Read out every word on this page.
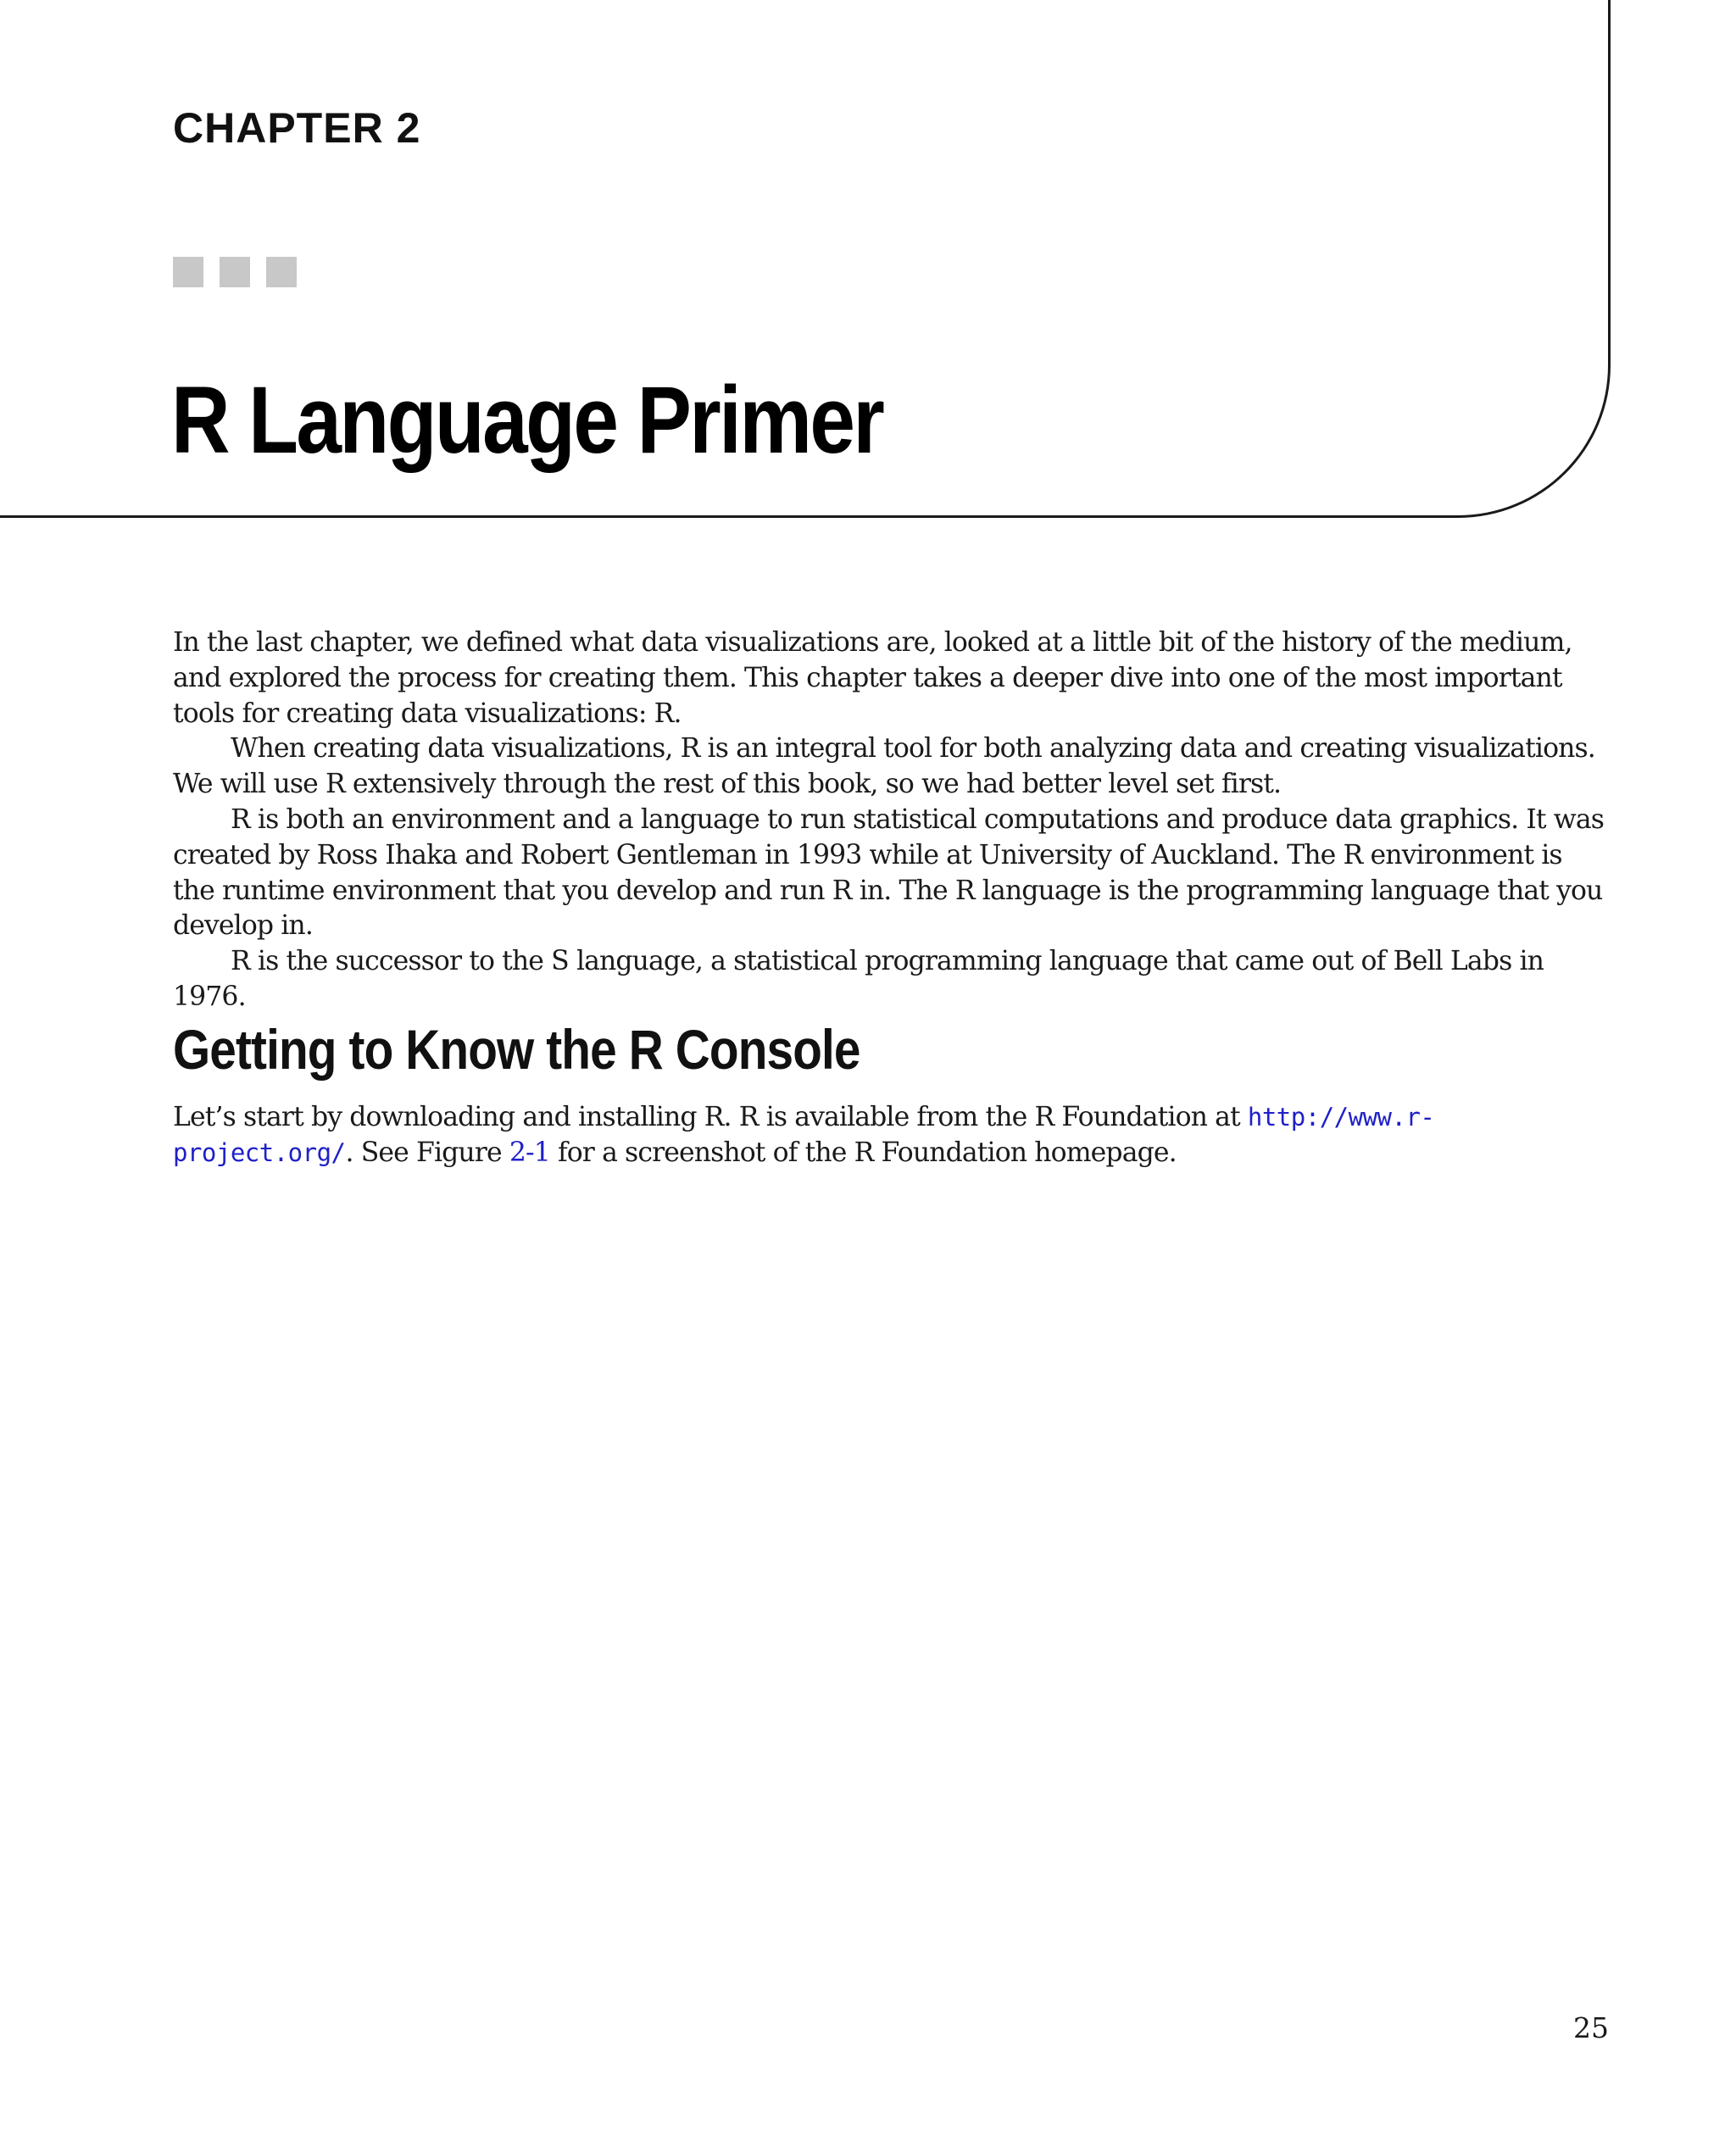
CHAPTER 2
R Language Primer

In the last chapter, we defined what data visualizations are, looked at a little bit of the history of the medium, and explored the process for creating them. This chapter takes a deeper dive into one of the most important tools for creating data visualizations: R.

When creating data visualizations, R is an integral tool for both analyzing data and creating visualizations. We will use R extensively through the rest of this book, so we had better level set first.

R is both an environment and a language to run statistical computations and produce data graphics. It was created by Ross Ihaka and Robert Gentleman in 1993 while at University of Auckland. The R environment is the runtime environment that you develop and run R in. The R language is the programming language that you develop in.

R is the successor to the S language, a statistical programming language that came out of Bell Labs in 1976.

Getting to Know the R Console

Let’s start by downloading and installing R. R is available from the R Foundation at http://www.r-project.org/. See Figure 2-1 for a screenshot of the R Foundation homepage.

25
